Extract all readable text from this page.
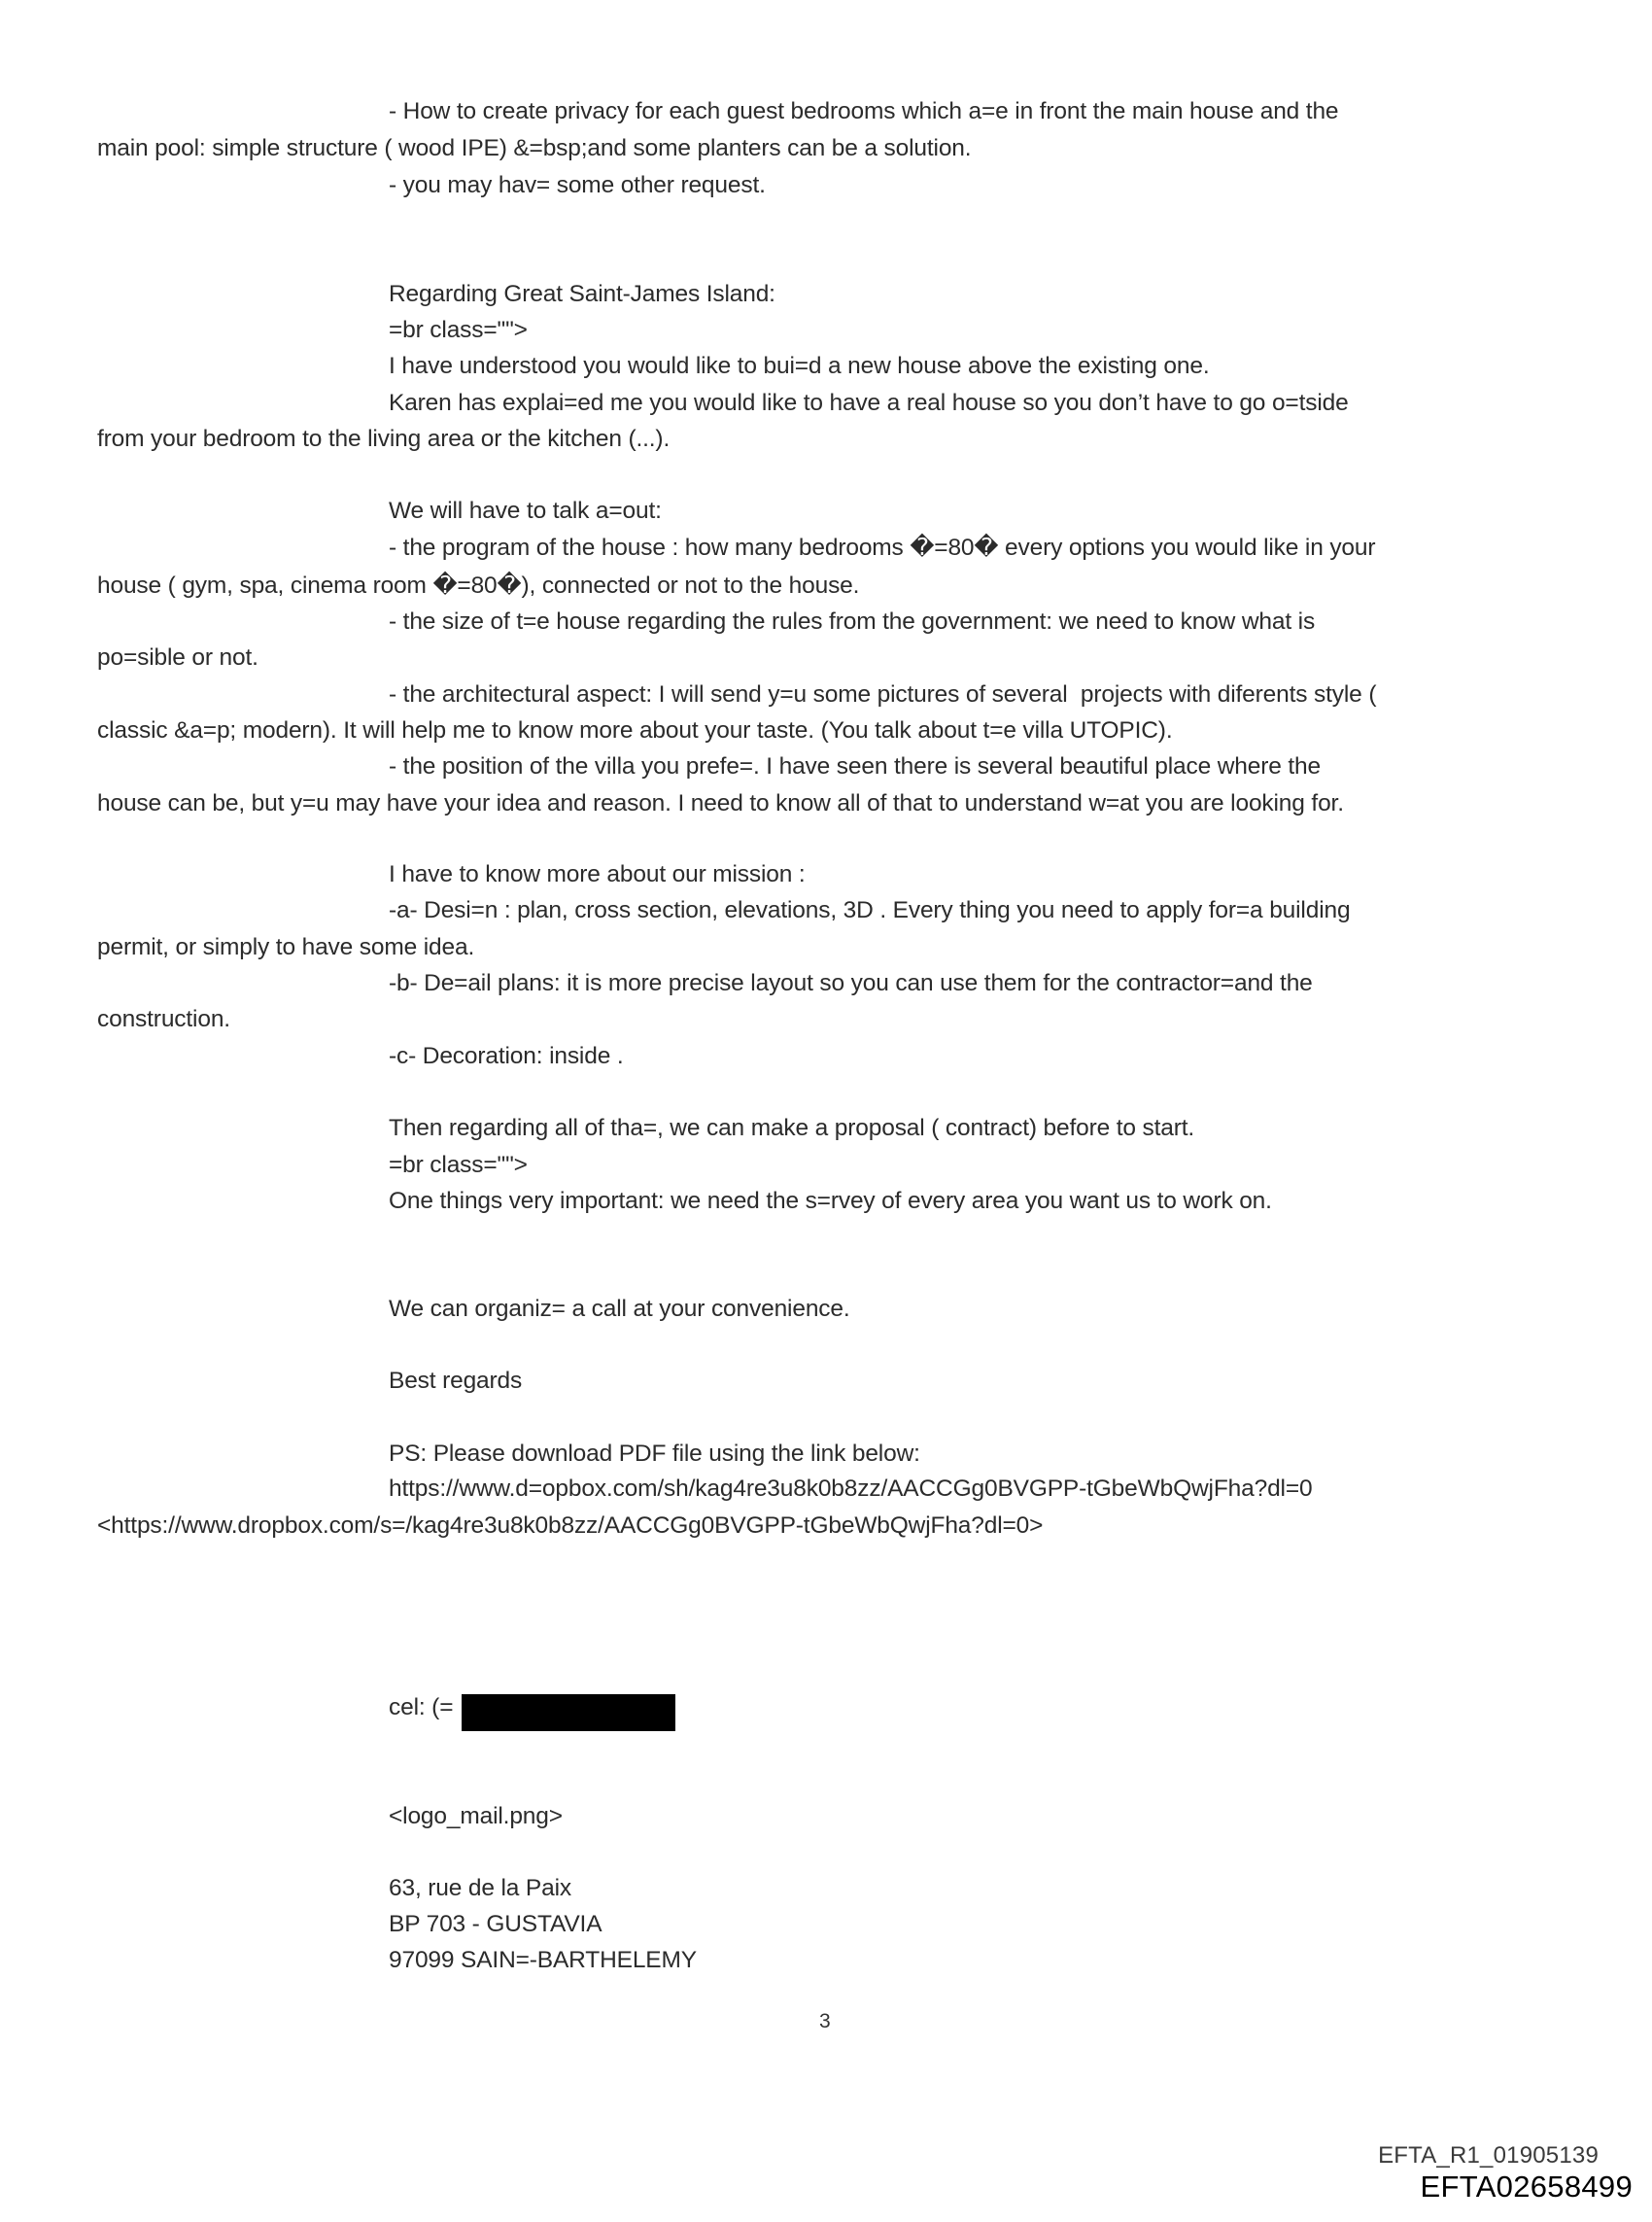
- How to create privacy for each guest bedrooms which a=e in front the main house and the
main pool: simple structure ( wood IPE) &=bsp;and some planters can be a solution.
- you may hav= some other request.
Regarding Great Saint-James Island:
=br class="">
I have understood you would like to bui=d a new house above the existing one.
Karen has explai=ed me you would like to have a real house so you don’t have to go o=tside
from your bedroom to the living area or the kitchen (...).
We will have to talk a=out:
- the program of the house : how many bedrooms �=80� every options you would like in your
house ( gym, spa, cinema room �=80�), connected or not to the house.
- the size of t=e house regarding the rules from the government: we need to know what is
po=sible or not.
- the architectural aspect: I will send y=u some pictures of several  projects with diferents style (
classic &a=p; modern). It will help me to know more about your taste. (You talk about t=e villa UTOPIC).
- the position of the villa you prefe=. I have seen there is several beautiful place where the
house can be, but y=u may have your idea and reason. I need to know all of that to understand w=at you are looking for.
I have to know more about our mission :
-a- Desi=n : plan, cross section, elevations, 3D . Every thing you need to apply for=a building
permit, or simply to have some idea.
-b- De=ail plans: it is more precise layout so you can use them for the contractor=and the
construction.
-c- Decoration: inside .
Then regarding all of tha=, we can make a proposal ( contract) before to start.
=br class="">
One things very important: we need the s=rvey of every area you want us to work on.
We can organiz= a call at your convenience.
Best regards
PS: Please download PDF file using the link below:
https://www.d=opbox.com/sh/kag4re3u8k0b8zz/AACCGg0BVGPP-tGbeWbQwjFha?dl=0
<https://www.dropbox.com/s=/kag4re3u8k0b8zz/AACCGg0BVGPP-tGbeWbQwjFha?dl=0>
cel: (=
<logo_mail.png>
63, rue de la Paix
BP 703 - GUSTAVIA
97099 SAIN=-BARTHELEMY
3
EFTA_R1_01905139
EFTA02658499
